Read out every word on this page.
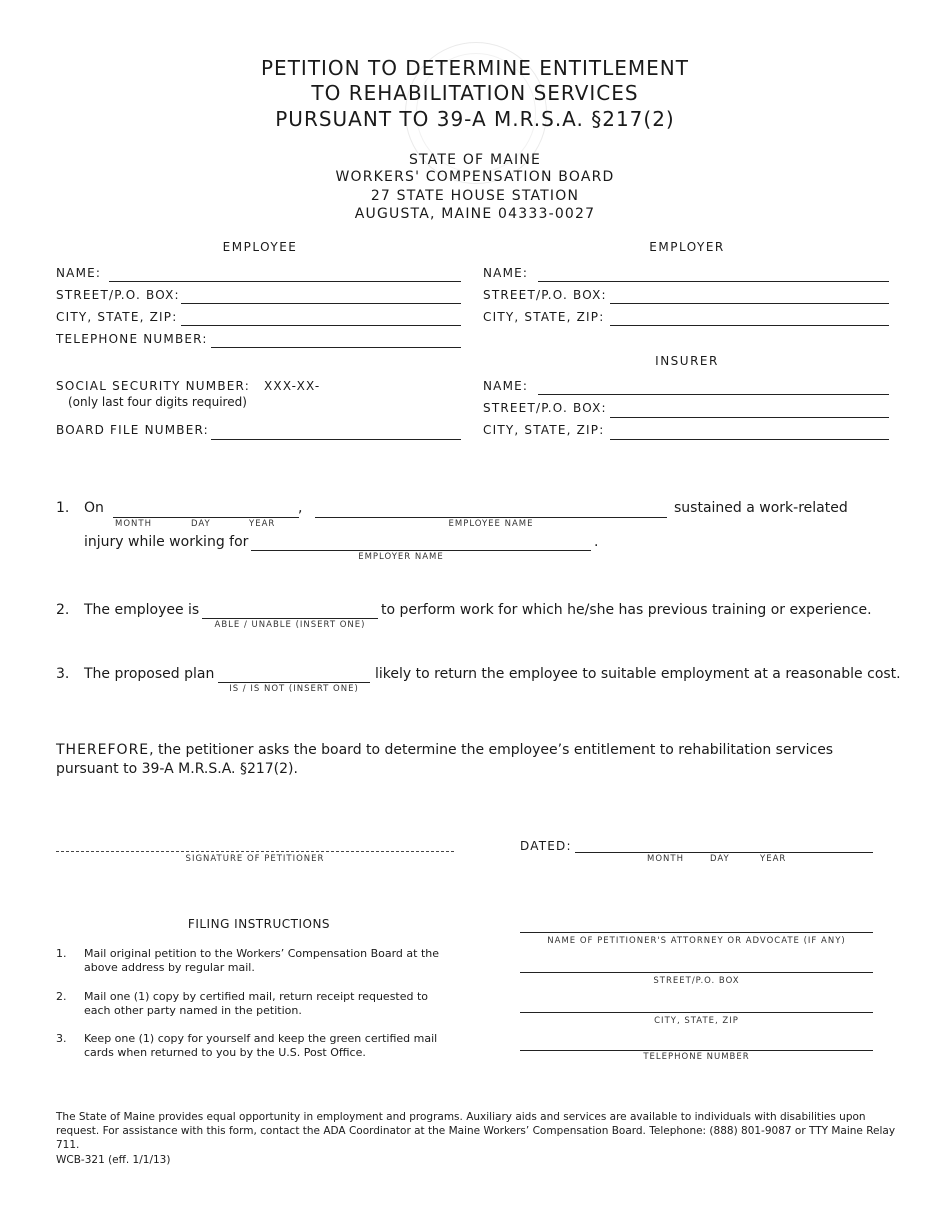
PETITION TO DETERMINE ENTITLEMENT
TO REHABILITATION SERVICES
PURSUANT TO 39-A M.R.S.A. §217(2)
STATE OF MAINE
WORKERS' COMPENSATION BOARD
27 STATE HOUSE STATION
AUGUSTA, MAINE 04333-0027
EMPLOYEE	EMPLOYER
NAME:
STREET/P.O. BOX:
CITY, STATE, ZIP:
TELEPHONE NUMBER:
SOCIAL SECURITY NUMBER: XXX-XX-
(only last four digits required)
BOARD FILE NUMBER:
NAME:
STREET/P.O. BOX:
CITY, STATE, ZIP:
INSURER
NAME:
STREET/P.O. BOX:
CITY, STATE, ZIP:
1. On	,
MONTH	DAY	YEAR	EMPLOYEE NAME
sustained a work-related
injury while working for	.
EMPLOYER NAME
2. The employee is
ABLE / UNABLE (INSERT ONE)
to perform work for which he/she has previous training or experience.
3. The proposed plan
IS / IS NOT (INSERT ONE)
likely to return the employee to suitable employment at a reasonable cost.
THEREFORE, the petitioner asks the board to determine the employee’s entitlement to rehabilitation services pursuant to 39-A M.R.S.A. §217(2).
SIGNATURE OF PETITIONER
DATED:
MONTH	DAY	YEAR
FILING INSTRUCTIONS
1. Mail original petition to the Workers’ Compensation Board at the above address by regular mail.
2. Mail one (1) copy by certified mail, return receipt requested to each other party named in the petition.
3. Keep one (1) copy for yourself and keep the green certified mail cards when returned to you by the U.S. Post Office.
NAME OF PETITIONER'S ATTORNEY OR ADVOCATE (IF ANY)
STREET/P.O. BOX
CITY, STATE, ZIP
TELEPHONE NUMBER
The State of Maine provides equal opportunity in employment and programs. Auxiliary aids and services are available to individuals with disabilities upon request. For assistance with this form, contact the ADA Coordinator at the Maine Workers’ Compensation Board. Telephone: (888) 801-9087 or TTY Maine Relay 711.
WCB-321 (eff. 1/1/13)
